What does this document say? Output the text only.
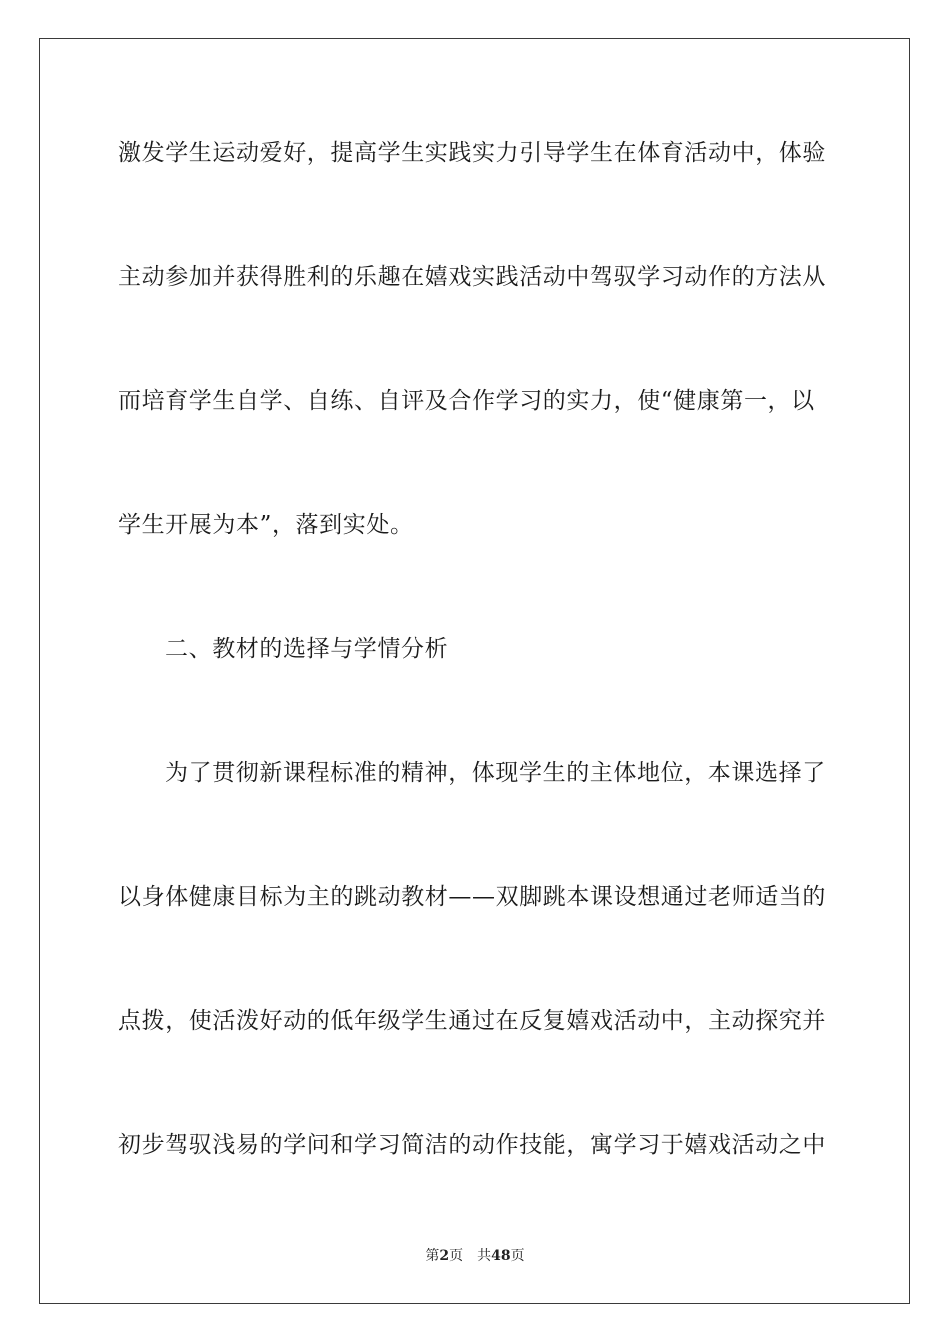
激发学生运动爱好，提高学生实践实力引导学生在体育活动中，体验
主动参加并获得胜利的乐趣在嬉戏实践活动中驾驭学习动作的方法从
而培育学生自学、自练、自评及合作学习的实力，使“健康第一，以
学生开展为本”，落到实处。
二、教材的选择与学情分析
为了贯彻新课程标准的精神，体现学生的主体地位，本课选择了
以身体健康目标为主的跳动教材——双脚跳本课设想通过老师适当的
点拨，使活泼好动的低年级学生通过在反复嬉戏活动中，主动探究并
初步驾驭浅易的学问和学习简洁的动作技能，寓学习于嬉戏活动之中
第2页 共48页
